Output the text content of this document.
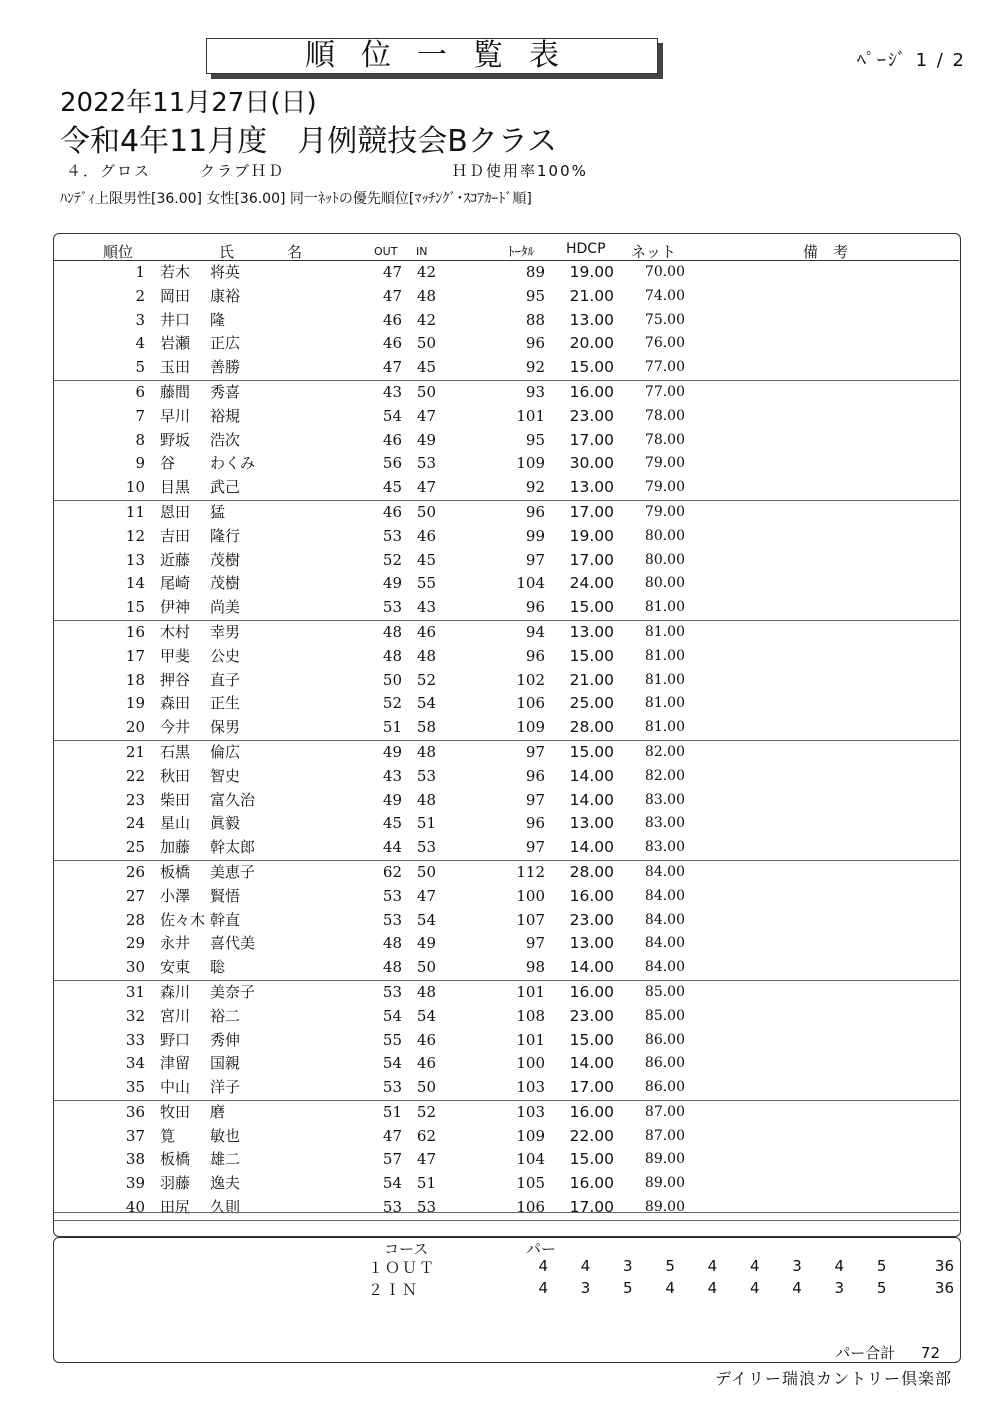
順位一覧表	ﾍﾟｰｼﾞ 1 / 2
2022年11月27日(日)
令和4年11月度　月例競技会Bクラス
４．グロス	クラブＨＤ	ＨＤ使用率100%
ﾊﾝﾃﾞｨ上限男性[36.00] 女性[36.00] 同一ﾈｯﾄの優先順位[ﾏｯﾁﾝｸﾞ･ｽｺｱｶｰﾄﾞ順]
順位	氏	名	OUT IN	ﾄｰﾀﾙ HDCP ネット	備　考
1 若木 将英	47 42	89	19.00	70.00
2 岡田 康裕	47 48	95	21.00	74.00
3 井口 隆	46 42	88	13.00	75.00
4 岩瀬 正広	46 50	96	20.00	76.00
5 玉田 善勝	47 45	92	15.00	77.00
6 藤間 秀喜	43 50	93	16.00	77.00
7 早川 裕規	54 47	101	23.00	78.00
8 野坂 浩次	46 49	95	17.00	78.00
9 谷 わくみ	56 53	109	30.00	79.00
10 目黒 武己	45 47	92	13.00	79.00
11 恩田 猛	46 50	96	17.00	79.00
12 吉田 隆行	53 46	99	19.00	80.00
13 近藤 茂樹	52 45	97	17.00	80.00
14 尾崎 茂樹	49 55	104	24.00	80.00
15 伊神 尚美	53 43	96	15.00	81.00
16 木村 幸男	48 46	94	13.00	81.00
17 甲斐 公史	48 48	96	15.00	81.00
18 押谷 直子	50 52	102	21.00	81.00
19 森田 正生	52 54	106	25.00	81.00
20 今井 保男	51 58	109	28.00	81.00
21 石黒 倫広	49 48	97	15.00	82.00
22 秋田 智史	43 53	96	14.00	82.00
23 柴田 富久治	49 48	97	14.00	83.00
24 星山 眞毅	45 51	96	13.00	83.00
25 加藤 幹太郎	44 53	97	14.00	83.00
26 板橋 美恵子	62 50	112	28.00	84.00
27 小澤 賢悟	53 47	100	16.00	84.00
28 佐々木 幹直	53 54	107	23.00	84.00
29 永井 喜代美	48 49	97	13.00	84.00
30 安東 聡	48 50	98	14.00	84.00
31 森川 美奈子	53 48	101	16.00	85.00
32 宮川 裕二	54 54	108	23.00	85.00
33 野口 秀伸	55 46	101	15.00	86.00
34 津留 国親	54 46	100	14.00	86.00
35 中山 洋子	53 50	103	17.00	86.00
36 牧田 磨	51 52	103	16.00	87.00
37 筧 敏也	47 62	109	22.00	87.00
38 板橋 雄二	57 47	104	15.00	89.00
39 羽藤 逸夫	54 51	105	16.00	89.00
40 田尻 久則	53 53	106	17.00	89.00
コース	パー
１ＯＵＴ	4	4	3	5	4	4	3	4	5	36
２ＩＮ	4	3	5	4	4	4	4	3	5	36
パー合計 72
デイリー瑞浪カントリー倶楽部
